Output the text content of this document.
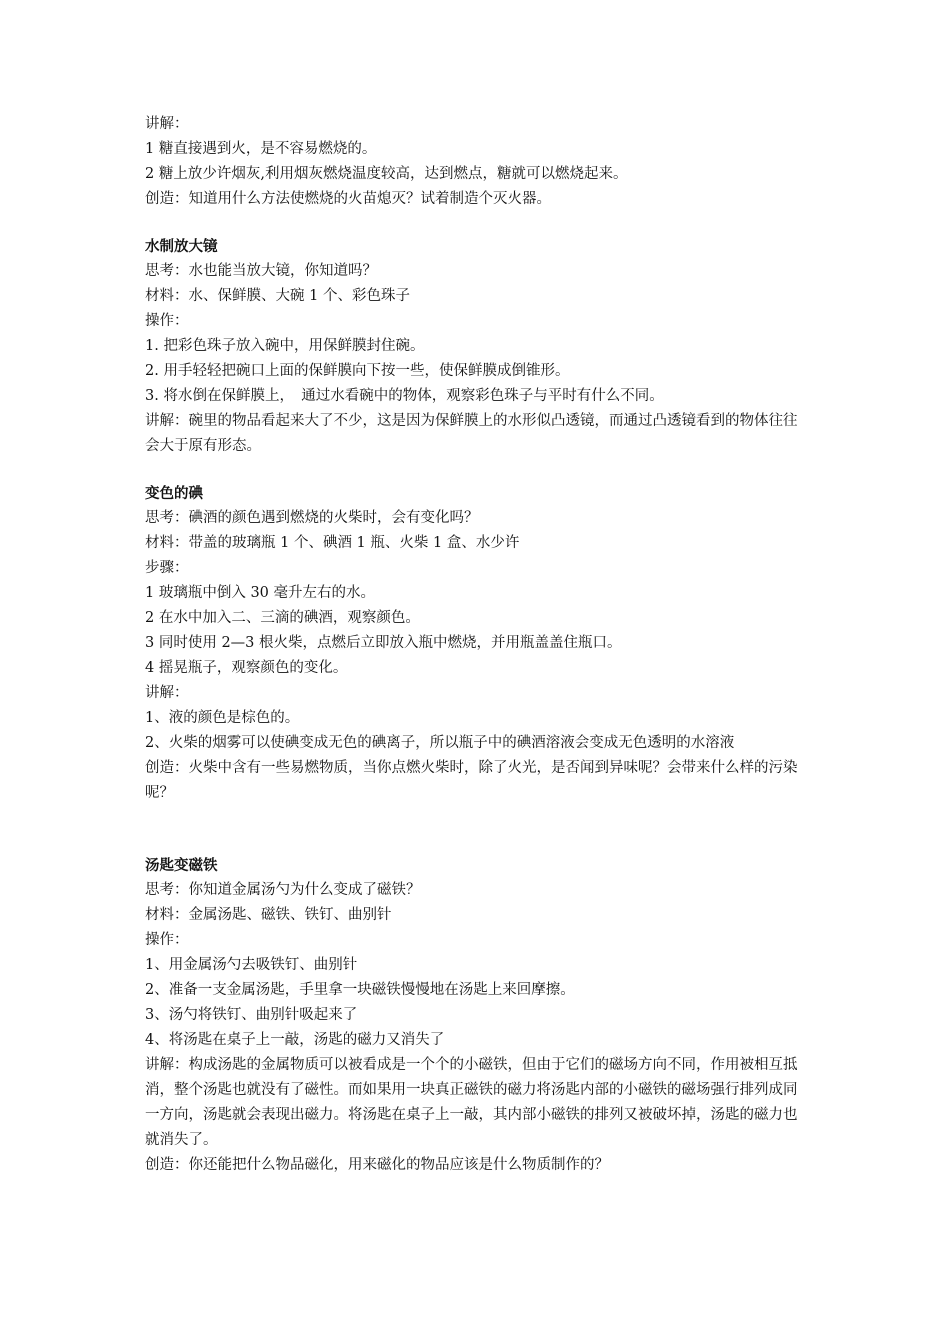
讲解：

1 糖直接遇到火，是不容易燃烧的。

2 糖上放少许烟灰,利用烟灰燃烧温度较高，达到燃点，糖就可以燃烧起来。

创造：知道用什么方法使燃烧的火苗熄灭？试着制造个灭火器。

水制放大镜

思考：水也能当放大镜，你知道吗？

材料：水、保鲜膜、大碗 1 个、彩色珠子

操作：

1. 把彩色珠子放入碗中，用保鲜膜封住碗。

2. 用手轻轻把碗口上面的保鲜膜向下按一些，使保鲜膜成倒锥形。

3. 将水倒在保鲜膜上，　通过水看碗中的物体，观察彩色珠子与平时有什么不同。

讲解：碗里的物品看起来大了不少，这是因为保鲜膜上的水形似凸透镜，而通过凸透镜看到的物体往往会大于原有形态。

变色的碘

思考：碘酒的颜色遇到燃烧的火柴时，会有变化吗？

材料：带盖的玻璃瓶 1 个、碘酒 1 瓶、火柴 1 盒、水少许

步骤：

1 玻璃瓶中倒入 30 毫升左右的水。

2 在水中加入二、三滴的碘酒，观察颜色。

3 同时使用 2—3 根火柴，点燃后立即放入瓶中燃烧，并用瓶盖盖住瓶口。

4 摇晃瓶子，观察颜色的变化。

讲解：

1、液的颜色是棕色的。

2、火柴的烟雾可以使碘变成无色的碘离子，所以瓶子中的碘酒溶液会变成无色透明的水溶液

创造：火柴中含有一些易燃物质，当你点燃火柴时，除了火光，是否闻到异味呢？会带来什么样的污染呢？

汤匙变磁铁

思考：你知道金属汤勺为什么变成了磁铁？

材料：金属汤匙、磁铁、铁钉、曲别针

操作：

1、用金属汤勺去吸铁钉、曲别针

2、准备一支金属汤匙，手里拿一块磁铁慢慢地在汤匙上来回摩擦。

3、汤勺将铁钉、曲别针吸起来了

4、将汤匙在桌子上一敲，汤匙的磁力又消失了

讲解：构成汤匙的金属物质可以被看成是一个个的小磁铁，但由于它们的磁场方向不同，作用被相互抵消，整个汤匙也就没有了磁性。而如果用一块真正磁铁的磁力将汤匙内部的小磁铁的磁场强行排列成同一方向，汤匙就会表现出磁力。将汤匙在桌子上一敲，其内部小磁铁的排列又被破坏掉，汤匙的磁力也就消失了。

创造：你还能把什么物品磁化，用来磁化的物品应该是什么物质制作的？
